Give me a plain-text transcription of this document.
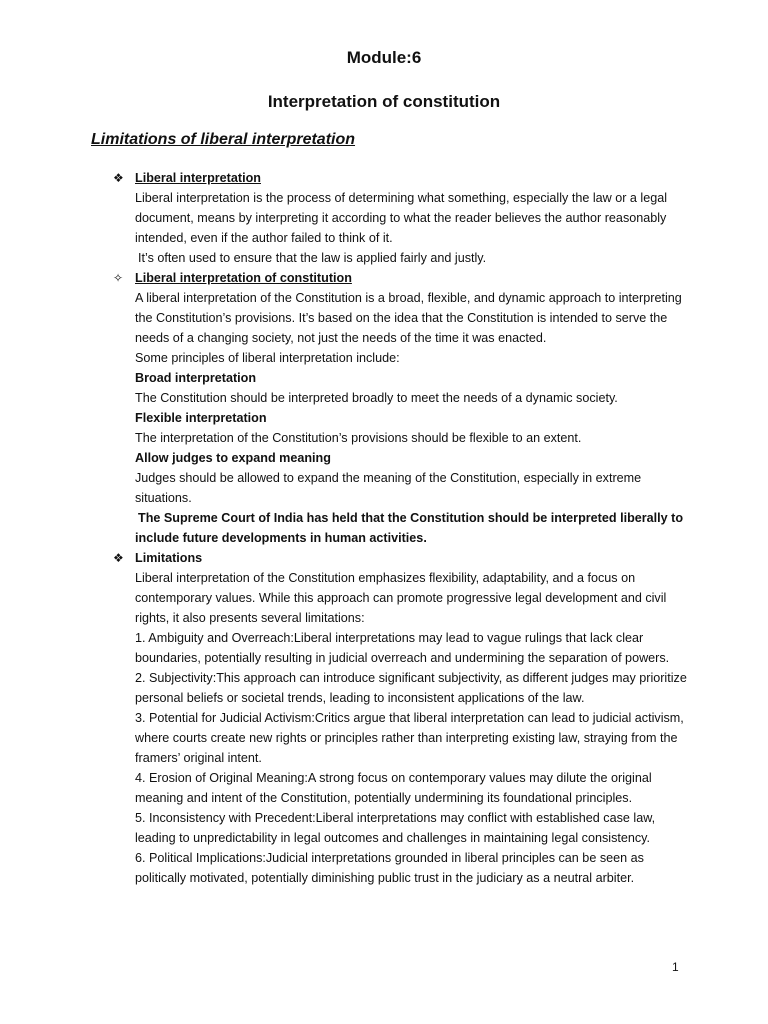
Module:6
Interpretation of constitution
Limitations of liberal interpretation
❖ Liberal interpretation

Liberal interpretation is the process of determining what something, especially the law or a legal document, means by interpreting it according to what the reader believes the author reasonably intended, even if the author failed to think of it.

It’s often used to ensure that the law is applied fairly and justly.

✧ Liberal interpretation of constitution

A liberal interpretation of the Constitution is a broad, flexible, and dynamic approach to interpreting the Constitution’s provisions. It’s based on the idea that the Constitution is intended to serve the needs of a changing society, not just the needs of the time it was enacted.

Some principles of liberal interpretation include:

Broad interpretation

The Constitution should be interpreted broadly to meet the needs of a dynamic society.

Flexible interpretation

The interpretation of the Constitution’s provisions should be flexible to an extent.

Allow judges to expand meaning

Judges should be allowed to expand the meaning of the Constitution, especially in extreme situations.

The Supreme Court of India has held that the Constitution should be interpreted liberally to include future developments in human activities.

❖ Limitations

Liberal interpretation of the Constitution emphasizes flexibility, adaptability, and a focus on contemporary values. While this approach can promote progressive legal development and civil rights, it also presents several limitations:

1. Ambiguity and Overreach:Liberal interpretations may lead to vague rulings that lack clear boundaries, potentially resulting in judicial overreach and undermining the separation of powers.

2. Subjectivity:This approach can introduce significant subjectivity, as different judges may prioritize personal beliefs or societal trends, leading to inconsistent applications of the law.

3. Potential for Judicial Activism:Critics argue that liberal interpretation can lead to judicial activism, where courts create new rights or principles rather than interpreting existing law, straying from the framers’ original intent.

4. Erosion of Original Meaning:A strong focus on contemporary values may dilute the original meaning and intent of the Constitution, potentially undermining its foundational principles.

5. Inconsistency with Precedent:Liberal interpretations may conflict with established case law, leading to unpredictability in legal outcomes and challenges in maintaining legal consistency.

6. Political Implications:Judicial interpretations grounded in liberal principles can be seen as politically motivated, potentially diminishing public trust in the judiciary as a neutral arbiter.

1
